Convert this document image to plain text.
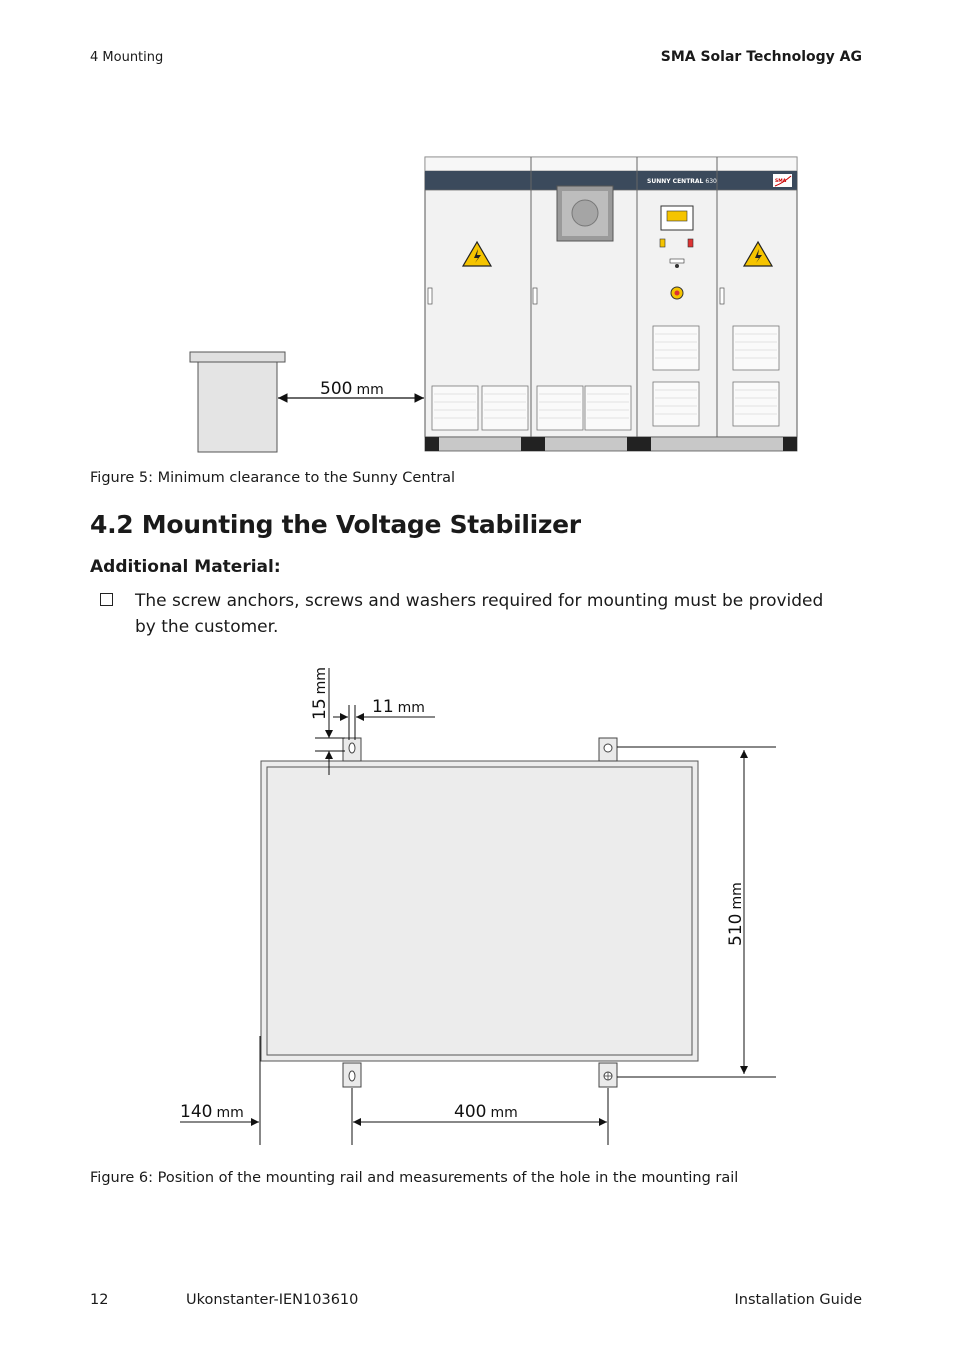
4 Mounting	SMA Solar Technology AG
500 mm
SUNNY CENTRAL 630	SMA
Figure 5: Minimum clearance to the Sunny Central
4.2 Mounting the Voltage Stabilizer
Additional Material:
The screw anchors, screws and washers required for mounting must be provided by the customer.
15mm
11 mm
510mm
140 mm	400 mm
Figure 6: Position of the mounting rail and measurements of the hole in the mounting rail
12	Ukonstanter-IEN103610	Installation Guide
